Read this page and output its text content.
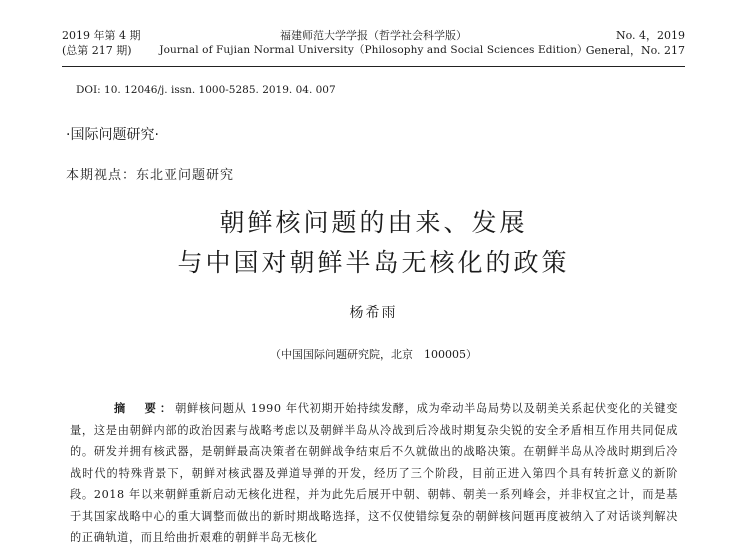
2019 年第 4 期
(总第 217 期)
福建师范大学学报（哲学社会科学版）
Journal of Fujian Normal University（Philosophy and Social Sciences Edition）
No. 4，2019
General，No. 217
DOI: 10. 12046/j. issn. 1000-5285. 2019. 04. 007
·国际问题研究·
本期视点：东北亚问题研究
朝鲜核问题的由来、发展
与中国对朝鲜半岛无核化的政策
杨希雨
（中国国际问题研究院，北京　100005）
摘　要：朝鲜核问题从 1990 年代初期开始持续发酵，成为牵动半岛局势以及朝美关系起伏变化的关键变量，这是由朝鲜内部的政治因素与战略考虑以及朝鲜半岛从冷战到后冷战时期复杂尖锐的安全矛盾相互作用共同促成的。研发并拥有核武器，是朝鲜最高决策者在朝鲜战争结束后不久就做出的战略决策。在朝鲜半岛从冷战时期到后冷战时代的特殊背景下，朝鲜对核武器及弹道导弹的开发，经历了三个阶段，目前正进入第四个具有转折意义的新阶段。2018 年以来朝鲜重新启动无核化进程，并为此先后展开中朝、朝韩、朝美一系列峰会，并非权宜之计，而是基于其国家战略中心的重大调整而做出的新时期战略选择，这不仅使错综复杂的朝鲜核问题再度被纳入了对话谈判解决的正确轨道，而且给曲折艰难的朝鲜半岛无核化
